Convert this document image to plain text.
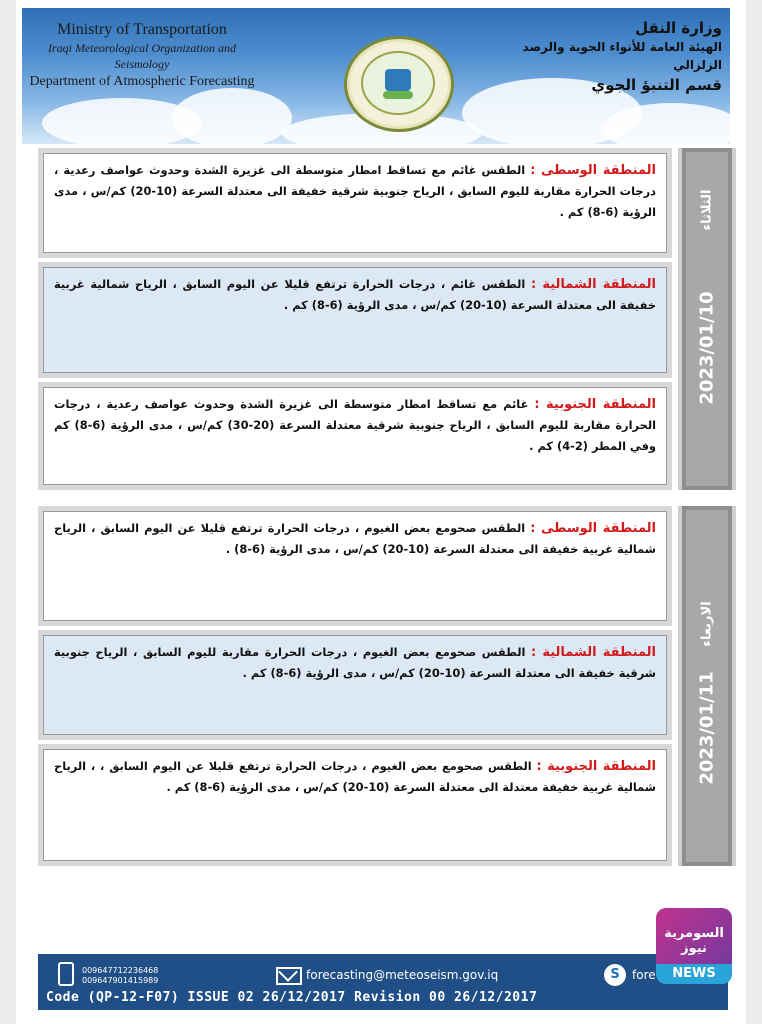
Ministry of Transportation
Iraqi Meteorological Organization and Seismology
Department of Atmospheric Forecasting
وزارة النقل
الهيئة العامة للأنواء الجوية والرصد الزلزالي
قسم التنبؤ الجوي
المنطقة الوسطى : الطقس غائم مع تساقط امطار متوسطة الى غزيرة الشدة وحدوث عواصف رعدية ، درجات الحرارة مقاربة لليوم السابق ، الرياح جنوبية شرقية خفيفة الى معتدلة السرعة (10-20) كم/س ، مدى الرؤية (6-8) كم .
المنطقة الشمالية : الطقس غائم ، درجات الحرارة ترتفع قليلا عن اليوم السابق ، الرياح شمالية غربية خفيفة الى معتدلة السرعة (10-20) كم/س ، مدى الرؤية (6-8) كم .
المنطقة الجنوبية : غائم مع تساقط امطار متوسطة الى غزيرة الشدة وحدوث عواصف رعدية ، درجات الحرارة مقاربة لليوم السابق ، الرياح جنوبية شرقية معتدلة السرعة (20-30) كم/س ، مدى الرؤية (6-8) كم وفي المطر (2-4) كم .
الثلاثاء
2023/01/10
المنطقة الوسطى : الطقس صحومع بعض الغيوم ، درجات الحرارة ترتفع قليلا عن اليوم السابق ، الرياح شمالية غربية خفيفة الى معتدلة السرعة (10-20) كم/س ، مدى الرؤية (6-8) .
المنطقة الشمالية : الطقس صحومع بعض الغيوم ، درجات الحرارة مقاربة لليوم السابق ، الرياح جنوبية شرقية خفيفة الى معتدلة السرعة (10-20) كم/س ، مدى الرؤية (6-8) كم .
المنطقة الجنوبية : الطقس صحومع بعض الغيوم ، درجات الحرارة ترتفع قليلا عن اليوم السابق ، ، الرياح شمالية غربية خفيفة معتدلة الى معتدلة السرعة (10-20) كم/س ، مدى الرؤية (6-8) كم .
الاربعاء
2023/01/11
009647712236468
009647901415989	forecasting@meteoseism.gov.iq	S	fore
Code (QP-12-F07) ISSUE 02 26/12/2017 Revision 00 26/12/2017
السومرية نيوز
NEWS
